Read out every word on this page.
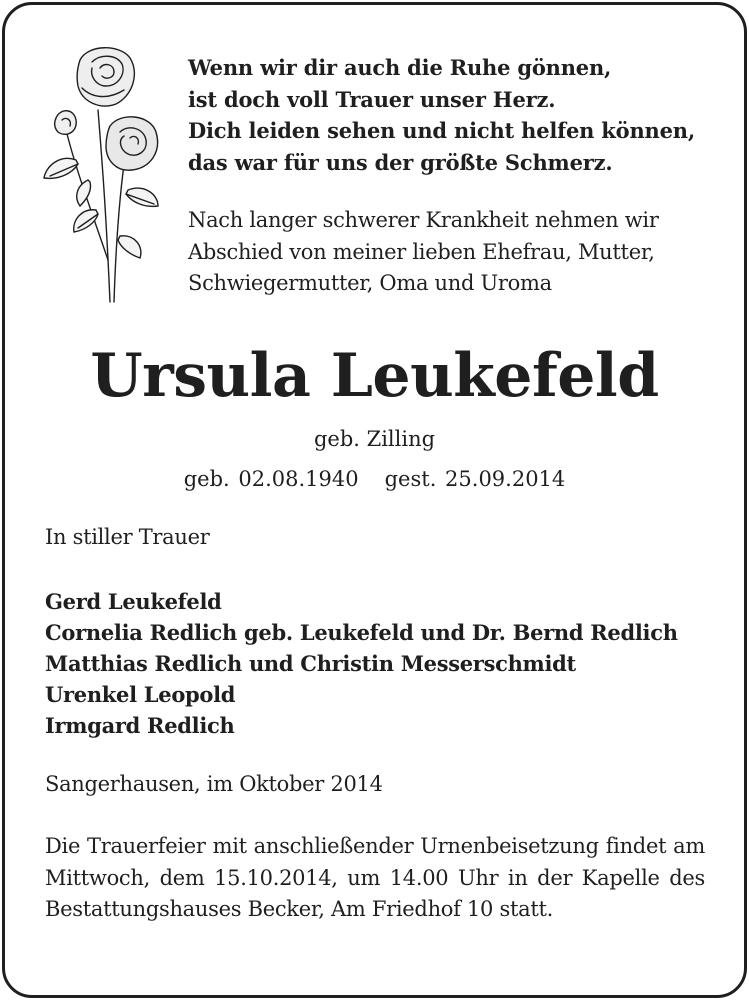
Wenn wir dir auch die Ruhe gönnen,
ist doch voll Trauer unser Herz.
Dich leiden sehen und nicht helfen können,
das war für uns der größte Schmerz.
Nach langer schwerer Krankheit nehmen wir
Abschied von meiner lieben Ehefrau, Mutter,
Schwiegermutter, Oma und Uroma
Ursula Leukefeld
geb. Zilling
geb. 02.08.1940 gest. 25.09.2014
In stiller Trauer
Gerd Leukefeld
Cornelia Redlich geb. Leukefeld und Dr. Bernd Redlich
Matthias Redlich und Christin Messerschmidt
Urenkel Leopold
Irmgard Redlich
Sangerhausen, im Oktober 2014
Die Trauerfeier mit anschließender Urnenbeisetzung findet am Mittwoch, dem 15.10.2014, um 14.00 Uhr in der Kapelle des Bestattungshauses Becker, Am Friedhof 10 statt.
